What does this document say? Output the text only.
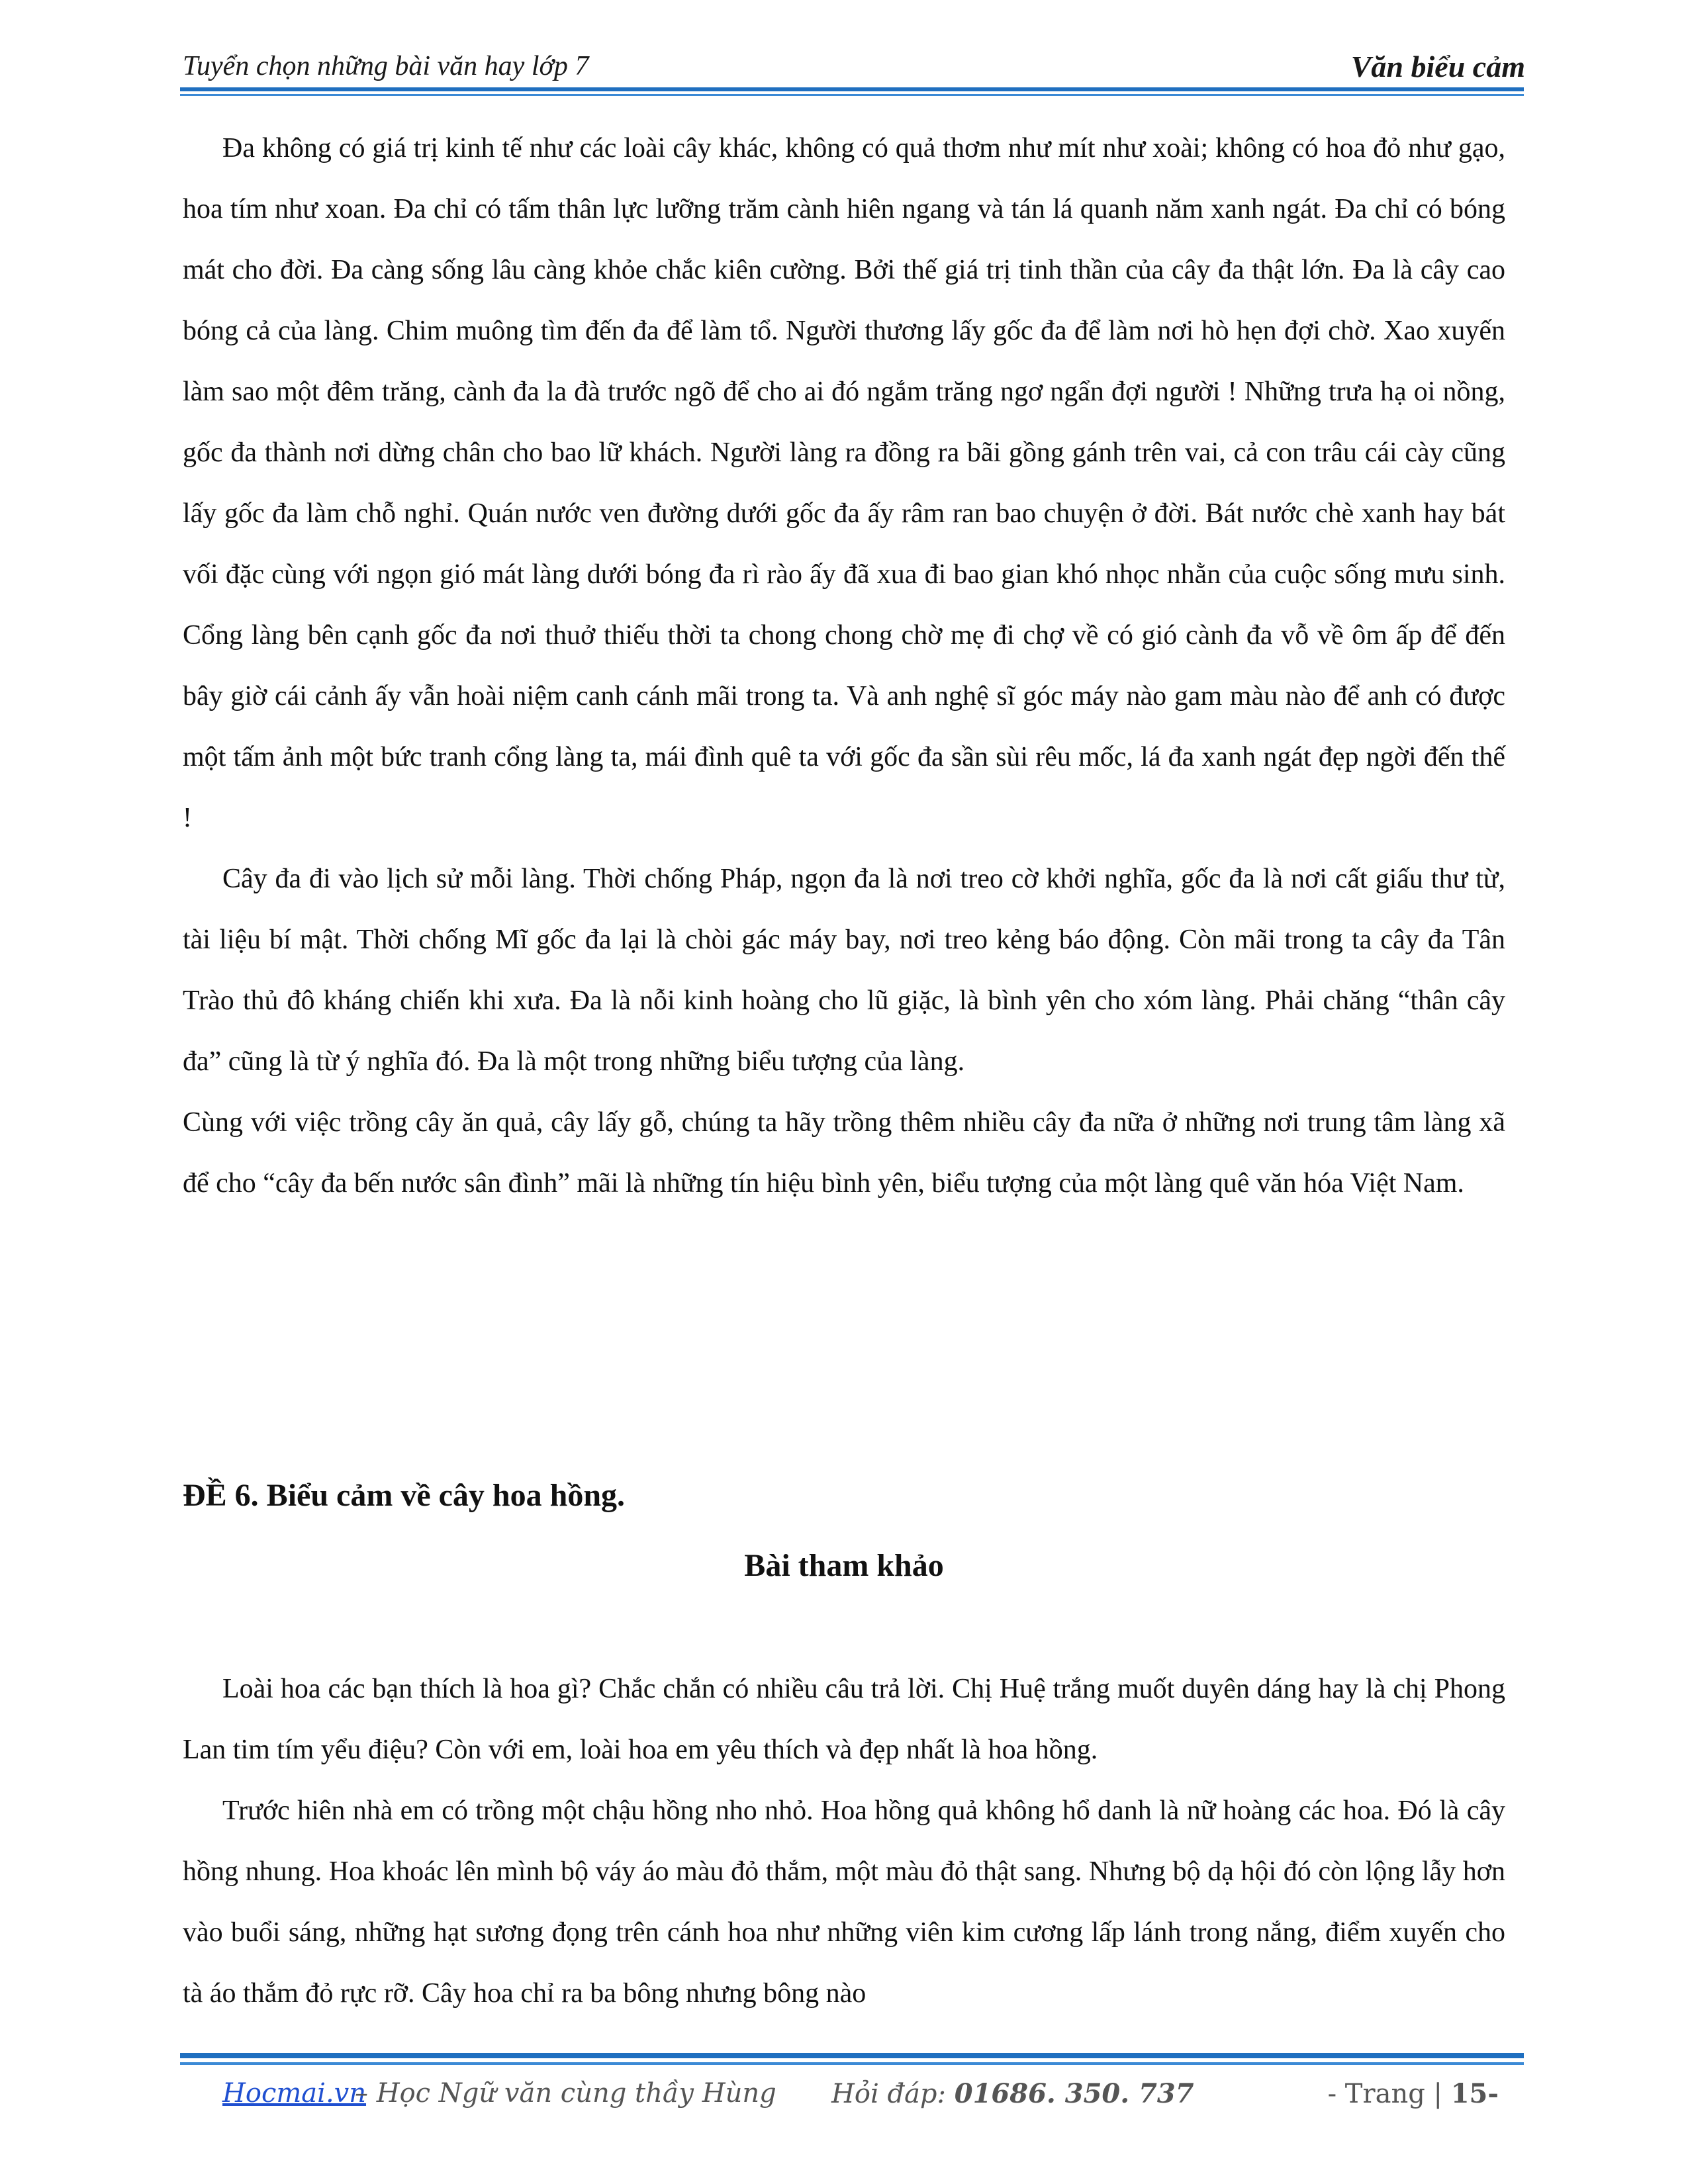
Tuyển chọn những bài văn hay lớp 7	Văn biểu cảm

Đa không có giá trị kinh tế như các loài cây khác, không có quả thơm như mít như xoài; không có hoa đỏ như gạo, hoa tím như xoan. Đa chỉ có tấm thân lực lưỡng trăm cành hiên ngang và tán lá quanh năm xanh ngát. Đa chỉ có bóng mát cho đời. Đa càng sống lâu càng khỏe chắc kiên cường. Bởi thế giá trị tinh thần của cây đa thật lớn. Đa là cây cao bóng cả của làng. Chim muông tìm đến đa để làm tổ. Người thương lấy gốc đa để làm nơi hò hẹn đợi chờ. Xao xuyến làm sao một đêm trăng, cành đa la đà trước ngõ để cho ai đó ngắm trăng ngơ ngẩn đợi người ! Những trưa hạ oi nồng, gốc đa thành nơi dừng chân cho bao lữ khách. Người làng ra đồng ra bãi gồng gánh trên vai, cả con trâu cái cày cũng lấy gốc đa làm chỗ nghỉ. Quán nước ven đường dưới gốc đa ấy râm ran bao chuyện ở đời. Bát nước chè xanh hay bát vối đặc cùng với ngọn gió mát làng dưới bóng đa rì rào ấy đã xua đi bao gian khó nhọc nhằn của cuộc sống mưu sinh. Cổng làng bên cạnh gốc đa nơi thuở thiếu thời ta chong chong chờ mẹ đi chợ về có gió cành đa vỗ về ôm ấp để đến bây giờ cái cảnh ấy vẫn hoài niệm canh cánh mãi trong ta. Và anh nghệ sĩ góc máy nào gam màu nào để anh có được một tấm ảnh một bức tranh cổng làng ta, mái đình quê ta với gốc đa sần sùi rêu mốc, lá đa xanh ngát đẹp ngời đến thế !

Cây đa đi vào lịch sử mỗi làng. Thời chống Pháp, ngọn đa là nơi treo cờ khởi nghĩa, gốc đa là nơi cất giấu thư từ, tài liệu bí mật. Thời chống Mĩ gốc đa lại là chòi gác máy bay, nơi treo kẻng báo động. Còn mãi trong ta cây đa Tân Trào thủ đô kháng chiến khi xưa. Đa là nỗi kinh hoàng cho lũ giặc, là bình yên cho xóm làng. Phải chăng “thân cây đa” cũng là từ ý nghĩa đó. Đa là một trong những biểu tượng của làng.

Cùng với việc trồng cây ăn quả, cây lấy gỗ, chúng ta hãy trồng thêm nhiều cây đa nữa ở những nơi trung tâm làng xã để cho “cây đa bến nước sân đình” mãi là những tín hiệu bình yên, biểu tượng của một làng quê văn hóa Việt Nam.

ĐỀ 6. Biểu cảm về cây hoa hồng.
Bài tham khảo

Loài hoa các bạn thích là hoa gì? Chắc chắn có nhiều câu trả lời. Chị Huệ trắng muốt duyên dáng hay là chị Phong Lan tim tím yểu điệu? Còn với em, loài hoa em yêu thích và đẹp nhất là hoa hồng.

Trước hiên nhà em có trồng một chậu hồng nho nhỏ. Hoa hồng quả không hổ danh là nữ hoàng các hoa. Đó là cây hồng nhung. Hoa khoác lên mình bộ váy áo màu đỏ thắm, một màu đỏ thật sang. Nhưng bộ dạ hội đó còn lộng lẫy hơn vào buổi sáng, những hạt sương đọng trên cánh hoa như những viên kim cương lấp lánh trong nắng, điểm xuyến cho tà áo thắm đỏ rực rỡ. Cây hoa chỉ ra ba bông nhưng bông nào

Hocmai.vn
– Học Ngữ văn cùng thầy Hùng Hỏi đáp: 01686. 350. 737	- Trang | 15-
